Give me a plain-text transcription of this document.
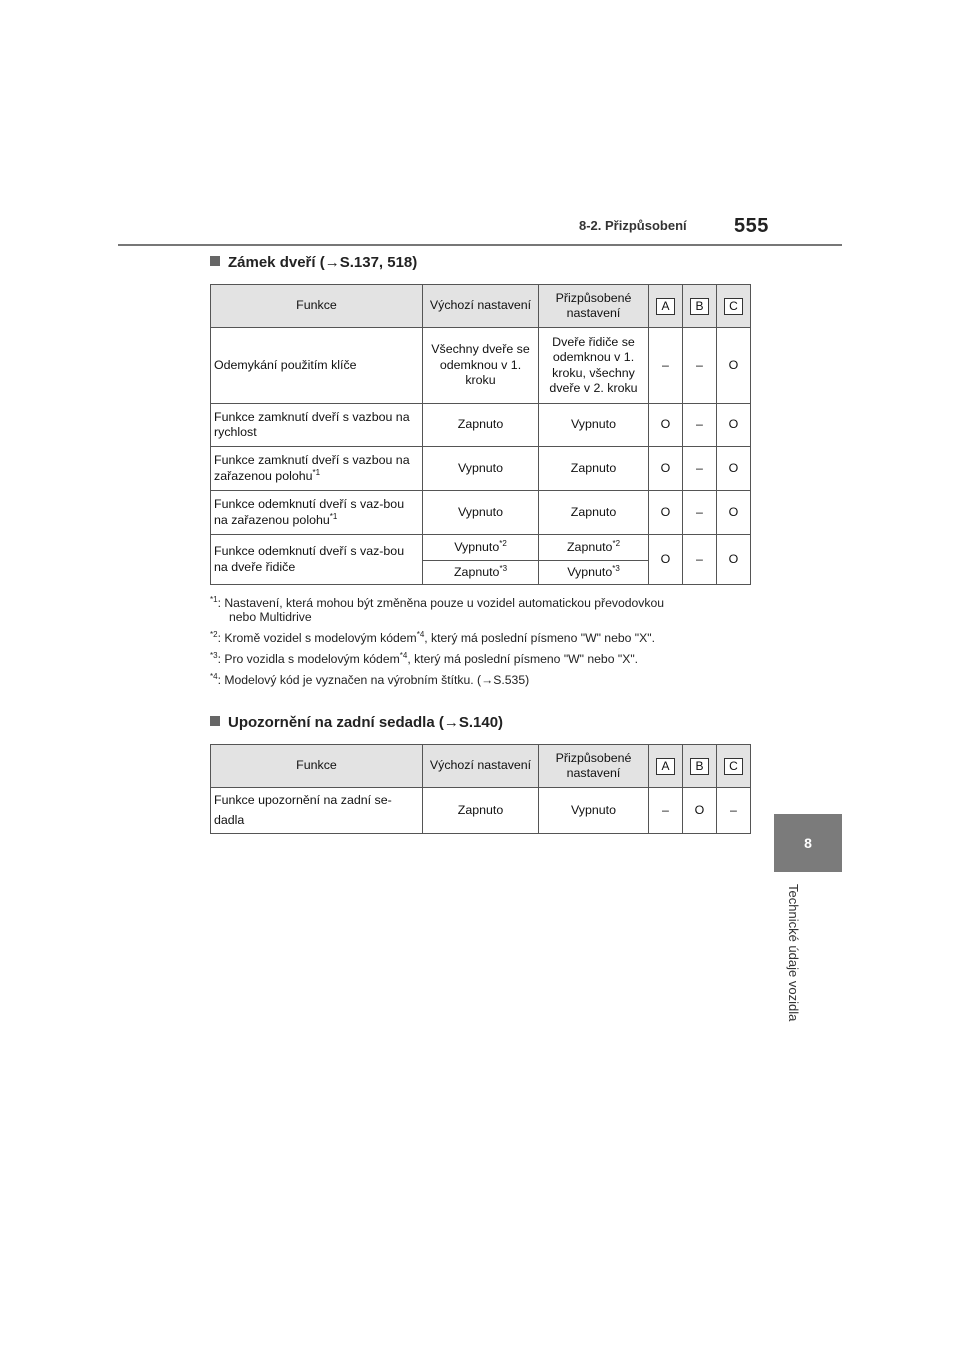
8-2. Přizpůsobení 555
8
Technické údaje vozidla
Zámek dveří (→S.137, 518)
Funkce	Výchozí nastavení	Přizpůsobené nastavení	A	B	C
Odemykání použitím klíče	Všechny dveře se odemknou v 1. kroku	Dveře řidiče se odemknou v 1. kroku, všechny dveře v 2. kroku	–	–	O
Funkce zamknutí dveří s vazbou na rychlost	Zapnuto	Vypnuto	O	–	O
Funkce zamknutí dveří s vazbou na zařazenou polohu$^{*1}$	Vypnuto	Zapnuto	O	–	O
Funkce odemknutí dveří s vaz-bou na zařazenou polohu$^{*1}$	Vypnuto	Zapnuto	O	–	O
Funkce odemknutí dveří s vaz-bou na dveře řidiče	Vypnuto$^{*2}$	Zapnuto$^{*2}$	O	–	O
	Zapnuto$^{*3}$	Vypnuto$^{*3}$
$^{*1}$: Nastavení, která mohou být změněna pouze u vozidel automatickou převodovkou
nebo Multidrive
$^{*2}$: Kromě vozidel s modelovým kódem$^{*4}$, který má poslední písmeno "W" nebo "X".
$^{*3}$: Pro vozidla s modelovým kódem$^{*4}$, který má poslední písmeno "W" nebo "X".
$^{*4}$: Modelový kód je vyznačen na výrobním štítku. (→S.535)
Upozornění na zadní sedadla (→S.140)
Funkce	Výchozí nastavení	Přizpůsobené nastavení	A	B	C
Funkce upozornění na zadní se-dadla	Zapnuto	Vypnuto	–	O	–
